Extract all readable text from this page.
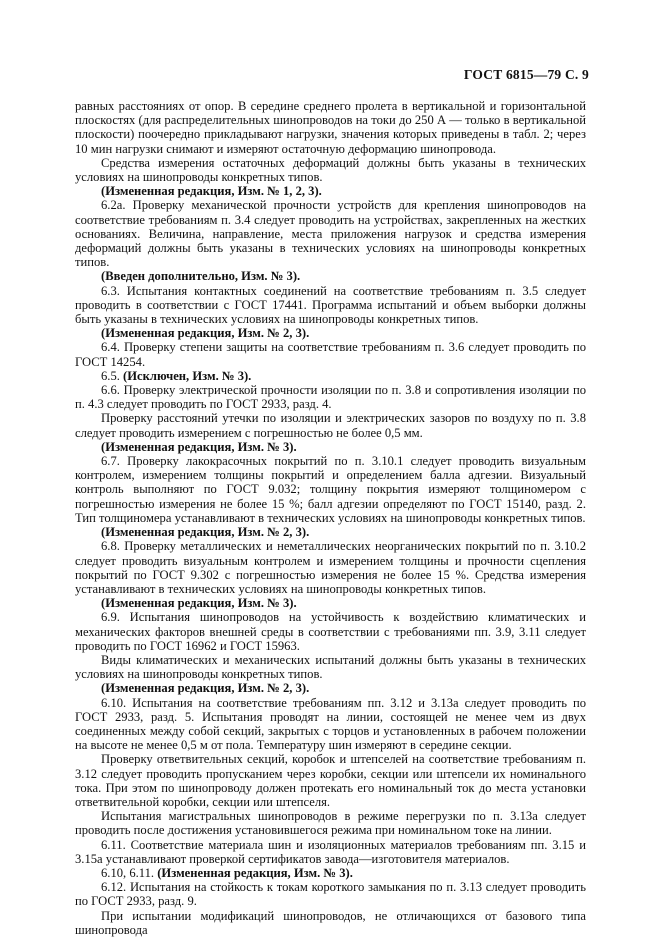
ГОСТ 6815—79 С. 9

равных расстояниях от опор. В середине среднего пролета в вертикальной и горизонтальной плоскостях (для распределительных шинопроводов на токи до 250 А — только в вертикальной плоскости) поочередно прикладывают нагрузки, значения которых приведены в табл. 2; через 10 мин нагрузки снимают и измеряют остаточную деформацию шинопровода.

Средства измерения остаточных деформаций должны быть указаны в технических условиях на шинопроводы конкретных типов.

(Измененная редакция, Изм. № 1, 2, 3).

6.2а. Проверку механической прочности устройств для крепления шинопроводов на соответствие требованиям п. 3.4 следует проводить на устройствах, закрепленных на жестких основаниях. Величина, направление, места приложения нагрузок и средства измерения деформаций должны быть указаны в технических условиях на шинопроводы конкретных типов.

(Введен дополнительно, Изм. № 3).

6.3. Испытания контактных соединений на соответствие требованиям п. 3.5 следует проводить в соответствии с ГОСТ 17441. Программа испытаний и объем выборки должны быть указаны в технических условиях на шинопроводы конкретных типов.

(Измененная редакция, Изм. № 2, 3).

6.4. Проверку степени защиты на соответствие требованиям п. 3.6 следует проводить по ГОСТ 14254.

6.5. (Исключен, Изм. № 3).

6.6. Проверку электрической прочности изоляции по п. 3.8 и сопротивления изоляции по п. 4.3 следует проводить по ГОСТ 2933, разд. 4.

Проверку расстояний утечки по изоляции и электрических зазоров по воздуху по п. 3.8 следует проводить измерением с погрешностью не более 0,5 мм.

(Измененная редакция, Изм. № 3).

6.7. Проверку лакокрасочных покрытий по п. 3.10.1 следует проводить визуальным контролем, измерением толщины покрытий и определением балла адгезии. Визуальный контроль выполняют по ГОСТ 9.032; толщину покрытия измеряют толщиномером с погрешностью измерения не более 15 %; балл адгезии определяют по ГОСТ 15140, разд. 2. Тип толщиномера устанавливают в технических условиях на шинопроводы конкретных типов.

(Измененная редакция, Изм. № 2, 3).

6.8. Проверку металлических и неметаллических неорганических покрытий по п. 3.10.2 следует проводить визуальным контролем и измерением толщины и прочности сцепления покрытий по ГОСТ 9.302 с погрешностью измерения не более 15 %. Средства измерения устанавливают в технических условиях на шинопроводы конкретных типов.

(Измененная редакция, Изм. № 3).

6.9. Испытания шинопроводов на устойчивость к воздействию климатических и механических факторов внешней среды в соответствии с требованиями пп. 3.9, 3.11 следует проводить по ГОСТ 16962 и ГОСТ 15963.

Виды климатических и механических испытаний должны быть указаны в технических условиях на шинопроводы конкретных типов.

(Измененная редакция, Изм. № 2, 3).

6.10. Испытания на соответствие требованиям пп. 3.12 и 3.13а следует проводить по ГОСТ 2933, разд. 5. Испытания проводят на линии, состоящей не менее чем из двух соединенных между собой секций, закрытых с торцов и установленных в рабочем положении на высоте не менее 0,5 м от пола. Температуру шин измеряют в середине секции.

Проверку ответвительных секций, коробок и штепселей на соответствие требованиям п. 3.12 следует проводить пропусканием через коробки, секции или штепсели их номинального тока. При этом по шинопроводу должен протекать его номинальный ток до места установки ответвительной коробки, секции или штепселя.

Испытания магистральных шинопроводов в режиме перегрузки по п. 3.13а следует проводить после достижения установившегося режима при номинальном токе на линии.

6.11. Соответствие материала шин и изоляционных материалов требованиям пп. 3.15 и 3.15а устанавливают проверкой сертификатов завода—изготовителя материалов.

6.10, 6.11. (Измененная редакция, Изм. № 3).

6.12. Испытания на стойкость к токам короткого замыкания по п. 3.13 следует проводить по ГОСТ 2933, разд. 9.

При испытании модификаций шинопроводов, не отличающихся от базового типа шинопровода
